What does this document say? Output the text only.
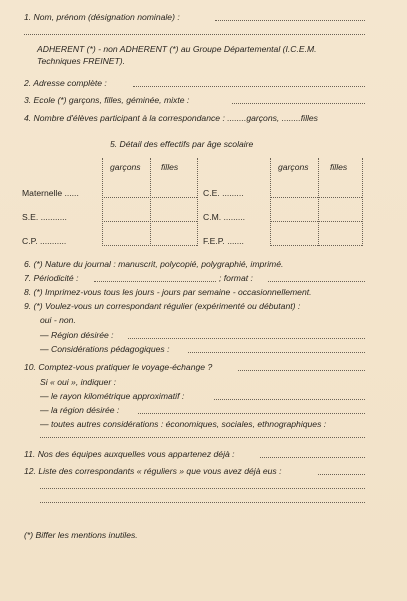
1. Nom, prénom (désignation nominale) :
ADHERENT (*) - non ADHERENT (*) au Groupe Départemental (I.C.E.M.
Techniques FREINET).
2. Adresse complète :
3. Ecole (*) garçons, filles, géminée, mixte :
4. Nombre d'élèves participant à la correspondance : ........garçons, ........filles
5. Détail des effectifs par âge scolaire
garçons filles	garçons filles
Maternelle ......
S.E. ...........
C.P. ...........
C.E. .........
C.M. .........
F.E.P. .......
6. (*) Nature du journal : manuscrit, polycopié, polygraphié, imprimé.
7. Périodicité :	; format :
8. (*) Imprimez-vous tous les jours - jours par semaine - occasionnellement.
9. (*) Voulez-vous un correspondant régulier (expérimenté ou débutant) :
oui - non.
— Région désirée :
— Considérations pédagogiques :
10. Comptez-vous pratiquer le voyage-échange ?
Si « oui », indiquer :
— le rayon kilométrique approximatif :
— la région désirée :
— toutes autres considérations : économiques, sociales, ethnographiques :
11. Nos des équipes auxquelles vous appartenez déjà :
12. Liste des correspondants « réguliers » que vous avez déjà eus :
(*) Biffer les mentions inutiles.
